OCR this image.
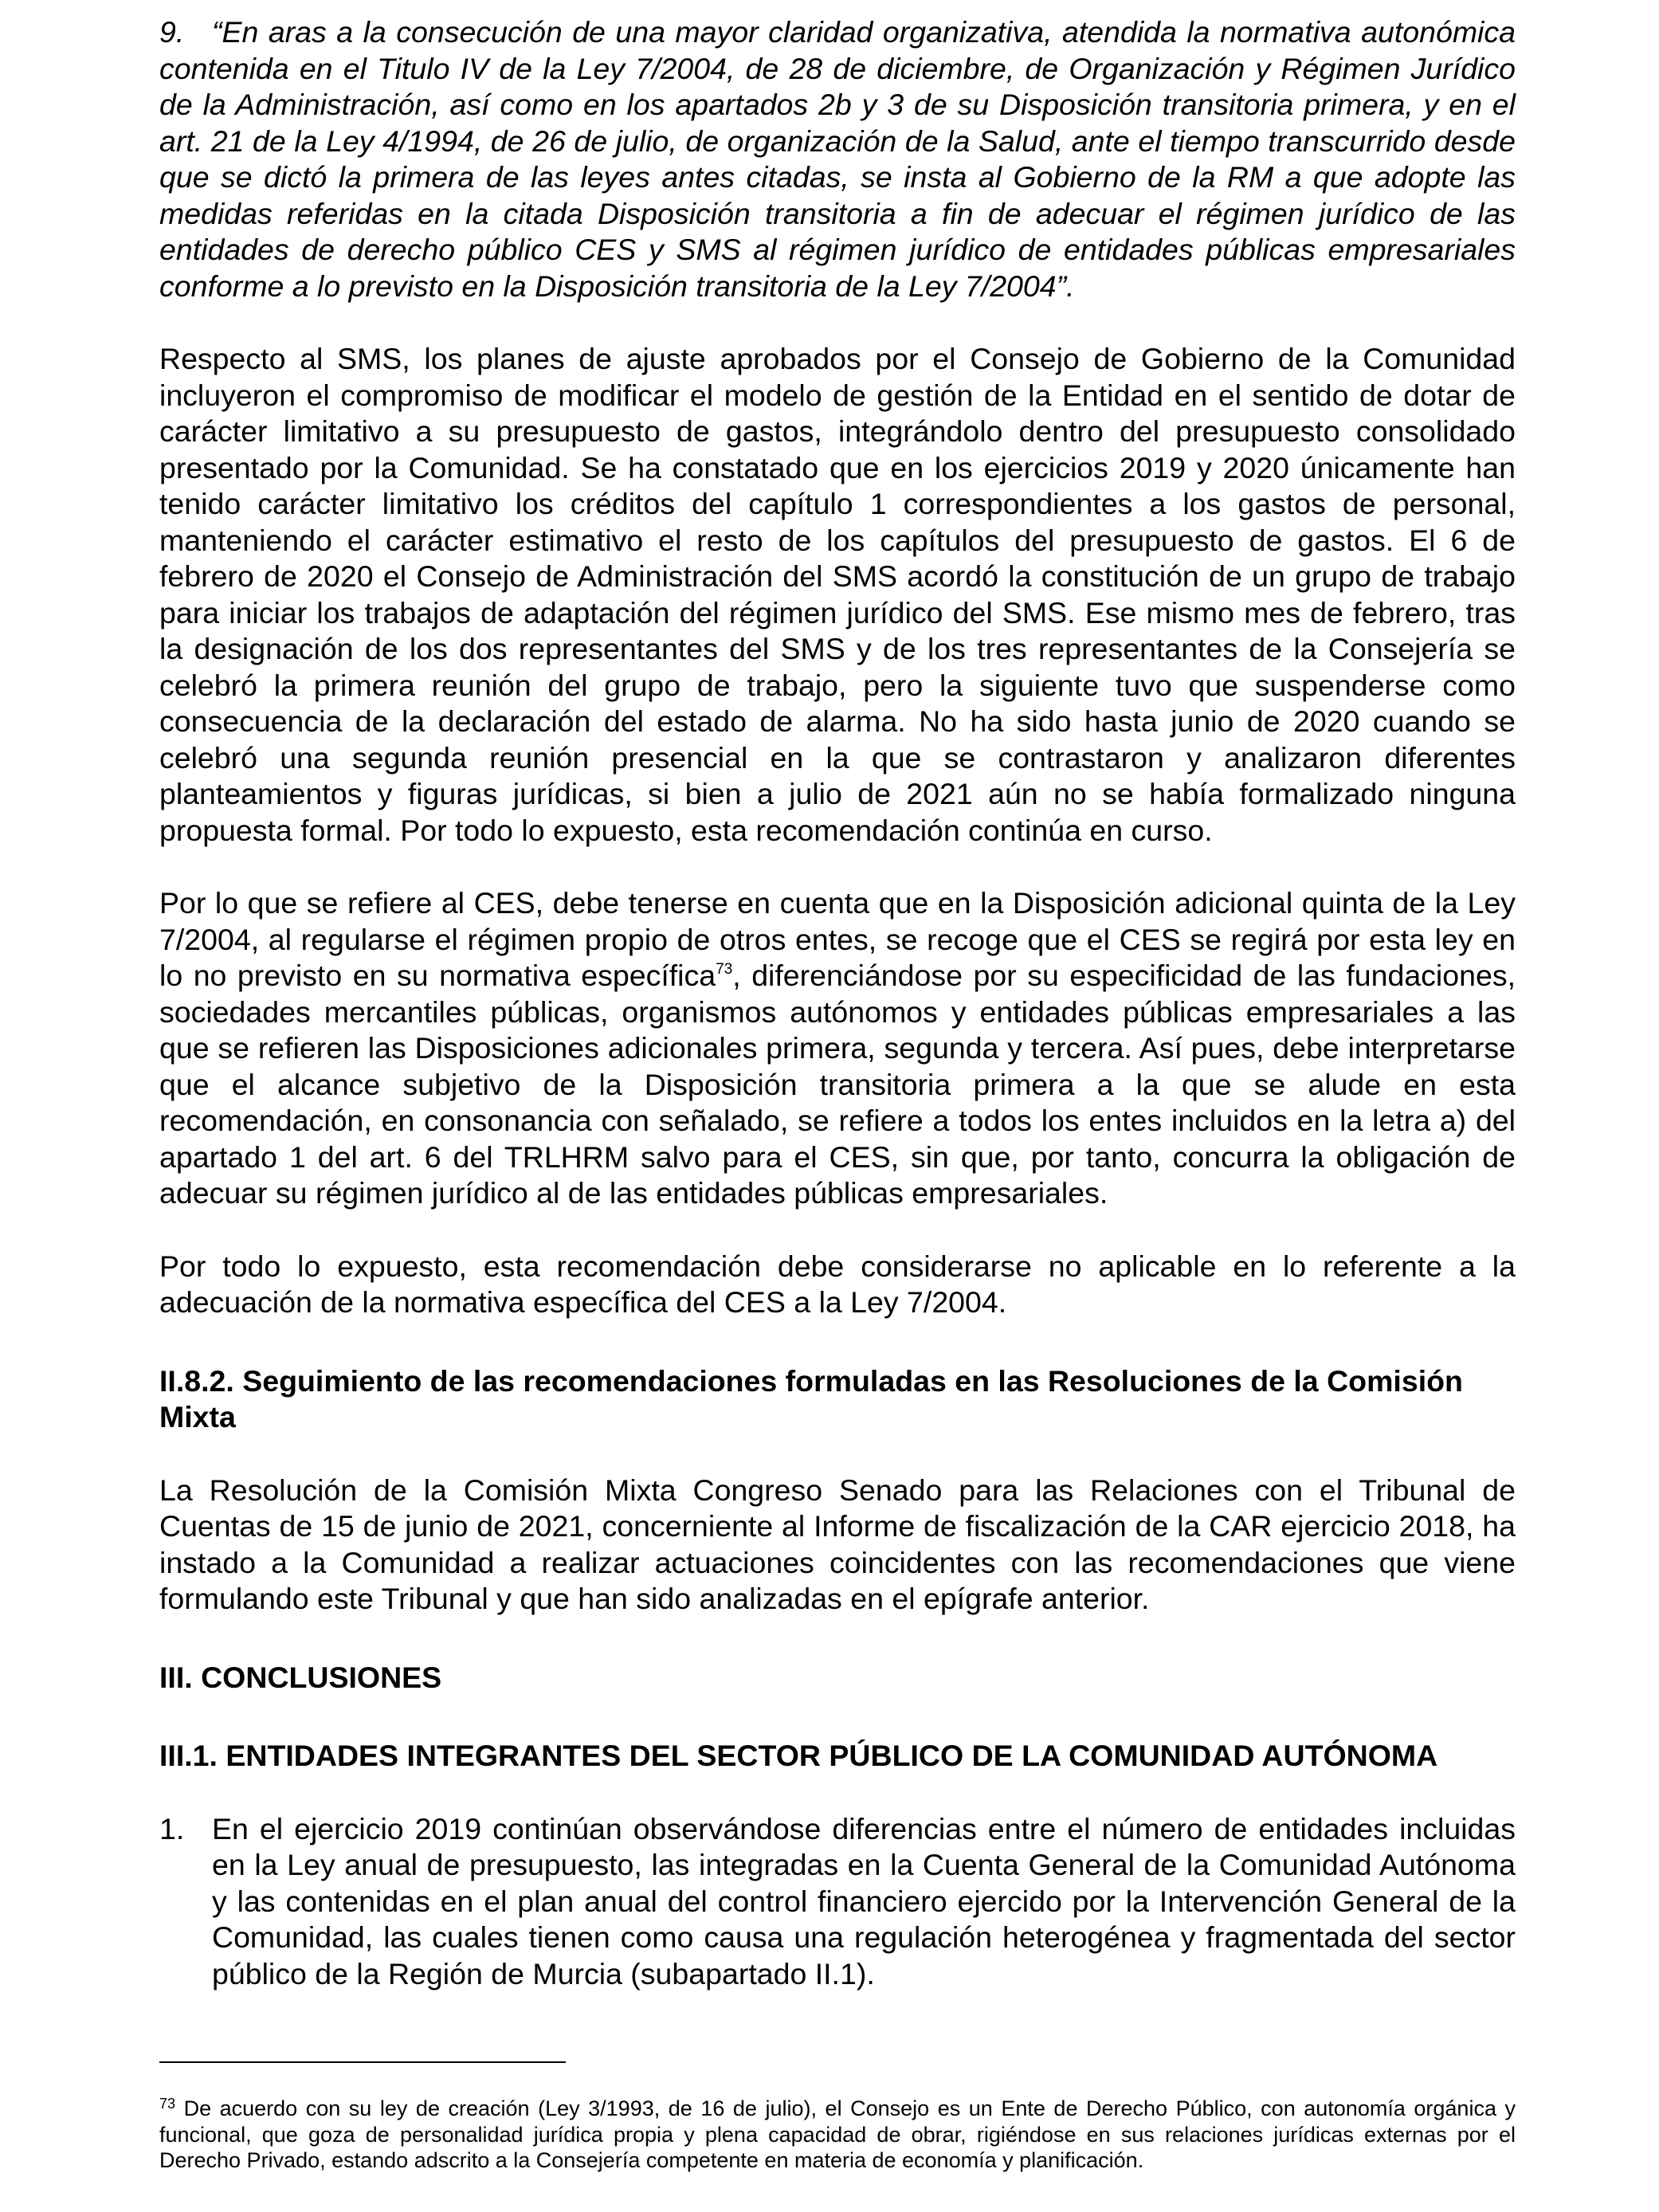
9. “En aras a la consecución de una mayor claridad organizativa, atendida la normativa autonómica contenida en el Titulo IV de la Ley 7/2004, de 28 de diciembre, de Organización y Régimen Jurídico de la Administración, así como en los apartados 2b y 3 de su Disposición transitoria primera, y en el art. 21 de la Ley 4/1994, de 26 de julio, de organización de la Salud, ante el tiempo transcurrido desde que se dictó la primera de las leyes antes citadas, se insta al Gobierno de la RM a que adopte las medidas referidas en la citada Disposición transitoria a fin de adecuar el régimen jurídico de las entidades de derecho público CES y SMS al régimen jurídico de entidades públicas empresariales conforme a lo previsto en la Disposición transitoria de la Ley 7/2004”.

Respecto al SMS, los planes de ajuste aprobados por el Consejo de Gobierno de la Comunidad incluyeron el compromiso de modificar el modelo de gestión de la Entidad en el sentido de dotar de carácter limitativo a su presupuesto de gastos, integrándolo dentro del presupuesto consolidado presentado por la Comunidad. Se ha constatado que en los ejercicios 2019 y 2020 únicamente han tenido carácter limitativo los créditos del capítulo 1 correspondientes a los gastos de personal, manteniendo el carácter estimativo el resto de los capítulos del presupuesto de gastos. El 6 de febrero de 2020 el Consejo de Administración del SMS acordó la constitución de un grupo de trabajo para iniciar los trabajos de adaptación del régimen jurídico del SMS. Ese mismo mes de febrero, tras la designación de los dos representantes del SMS y de los tres representantes de la Consejería se celebró la primera reunión del grupo de trabajo, pero la siguiente tuvo que suspenderse como consecuencia de la declaración del estado de alarma. No ha sido hasta junio de 2020 cuando se celebró una segunda reunión presencial en la que se contrastaron y analizaron diferentes planteamientos y figuras jurídicas, si bien a julio de 2021 aún no se había formalizado ninguna propuesta formal. Por todo lo expuesto, esta recomendación continúa en curso.

Por lo que se refiere al CES, debe tenerse en cuenta que en la Disposición adicional quinta de la Ley 7/2004, al regularse el régimen propio de otros entes, se recoge que el CES se regirá por esta ley en lo no previsto en su normativa específica$^{73}$, diferenciándose por su especificidad de las fundaciones, sociedades mercantiles públicas, organismos autónomos y entidades públicas empresariales a las que se refieren las Disposiciones adicionales primera, segunda y tercera. Así pues, debe interpretarse que el alcance subjetivo de la Disposición transitoria primera a la que se alude en esta recomendación, en consonancia con señalado, se refiere a todos los entes incluidos en la letra a) del apartado 1 del art. 6 del TRLHRM salvo para el CES, sin que, por tanto, concurra la obligación de adecuar su régimen jurídico al de las entidades públicas empresariales.

Por todo lo expuesto, esta recomendación debe considerarse no aplicable en lo referente a la adecuación de la normativa específica del CES a la Ley 7/2004.

II.8.2. Seguimiento de las recomendaciones formuladas en las Resoluciones de la Comisión Mixta

La Resolución de la Comisión Mixta Congreso Senado para las Relaciones con el Tribunal de Cuentas de 15 de junio de 2021, concerniente al Informe de fiscalización de la CAR ejercicio 2018, ha instado a la Comunidad a realizar actuaciones coincidentes con las recomendaciones que viene formulando este Tribunal y que han sido analizadas en el epígrafe anterior.

III. CONCLUSIONES

III.1. ENTIDADES INTEGRANTES DEL SECTOR PÚBLICO DE LA COMUNIDAD AUTÓNOMA

1. En el ejercicio 2019 continúan observándose diferencias entre el número de entidades incluidas en la Ley anual de presupuesto, las integradas en la Cuenta General de la Comunidad Autónoma y las contenidas en el plan anual del control financiero ejercido por la Intervención General de la Comunidad, las cuales tienen como causa una regulación heterogénea y fragmentada del sector público de la Región de Murcia (subapartado II.1).

$^{73}$ De acuerdo con su ley de creación (Ley 3/1993, de 16 de julio), el Consejo es un Ente de Derecho Público, con autonomía orgánica y funcional, que goza de personalidad jurídica propia y plena capacidad de obrar, rigiéndose en sus relaciones jurídicas externas por el Derecho Privado, estando adscrito a la Consejería competente en materia de economía y planificación.
